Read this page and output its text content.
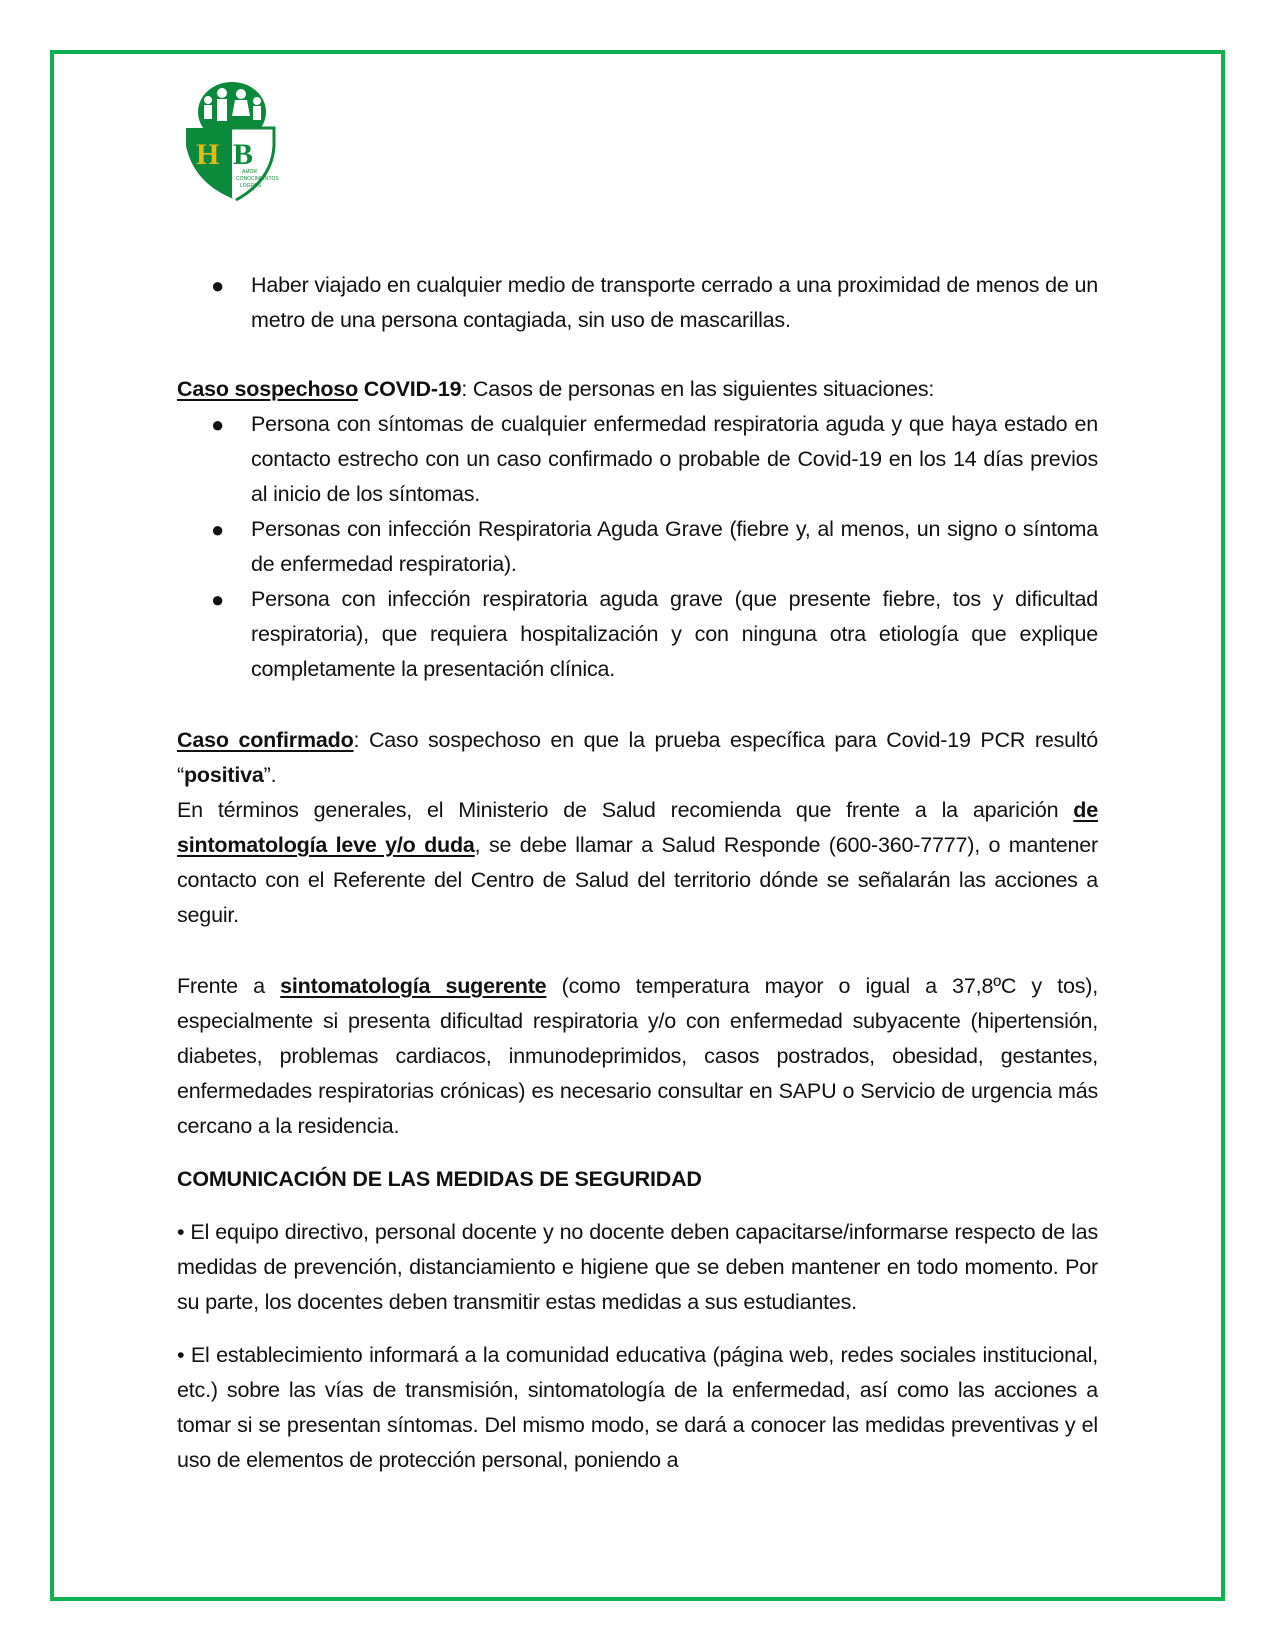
H B
AMOR
CONOCIMIENTOS
LOGROS
● Haber viajado en cualquier medio de transporte cerrado a una proximidad de menos de un metro de una persona contagiada, sin uso de mascarillas.

Caso sospechoso COVID-19: Casos de personas en las siguientes situaciones:

● Persona con síntomas de cualquier enfermedad respiratoria aguda y que haya estado en contacto estrecho con un caso confirmado o probable de Covid-19 en los 14 días previos al inicio de los síntomas.
● Personas con infección Respiratoria Aguda Grave (fiebre y, al menos, un signo o síntoma de enfermedad respiratoria).
● Persona con infección respiratoria aguda grave (que presente fiebre, tos y dificultad respiratoria), que requiera hospitalización y con ninguna otra etiología que explique completamente la presentación clínica.

Caso confirmado: Caso sospechoso en que la prueba específica para Covid-19 PCR resultó “positiva”.

En términos generales, el Ministerio de Salud recomienda que frente a la aparición de sintomatología leve y/o duda, se debe llamar a Salud Responde (600-360-7777), o mantener contacto con el Referente del Centro de Salud del territorio dónde se señalarán las acciones a seguir.

Frente a sintomatología sugerente (como temperatura mayor o igual a 37,8ºC y tos), especialmente si presenta dificultad respiratoria y/o con enfermedad subyacente (hipertensión, diabetes, problemas cardiacos, inmunodeprimidos, casos postrados, obesidad, gestantes, enfermedades respiratorias crónicas) es necesario consultar en SAPU o Servicio de urgencia más cercano a la residencia.

COMUNICACIÓN DE LAS MEDIDAS DE SEGURIDAD

• El equipo directivo, personal docente y no docente deben capacitarse/informarse respecto de las medidas de prevención, distanciamiento e higiene que se deben mantener en todo momento. Por su parte, los docentes deben transmitir estas medidas a sus estudiantes.

• El establecimiento informará a la comunidad educativa (página web, redes sociales institucional, etc.) sobre las vías de transmisión, sintomatología de la enfermedad, así como las acciones a tomar si se presentan síntomas. Del mismo modo, se dará a conocer las medidas preventivas y el uso de elementos de protección personal, poniendo a
